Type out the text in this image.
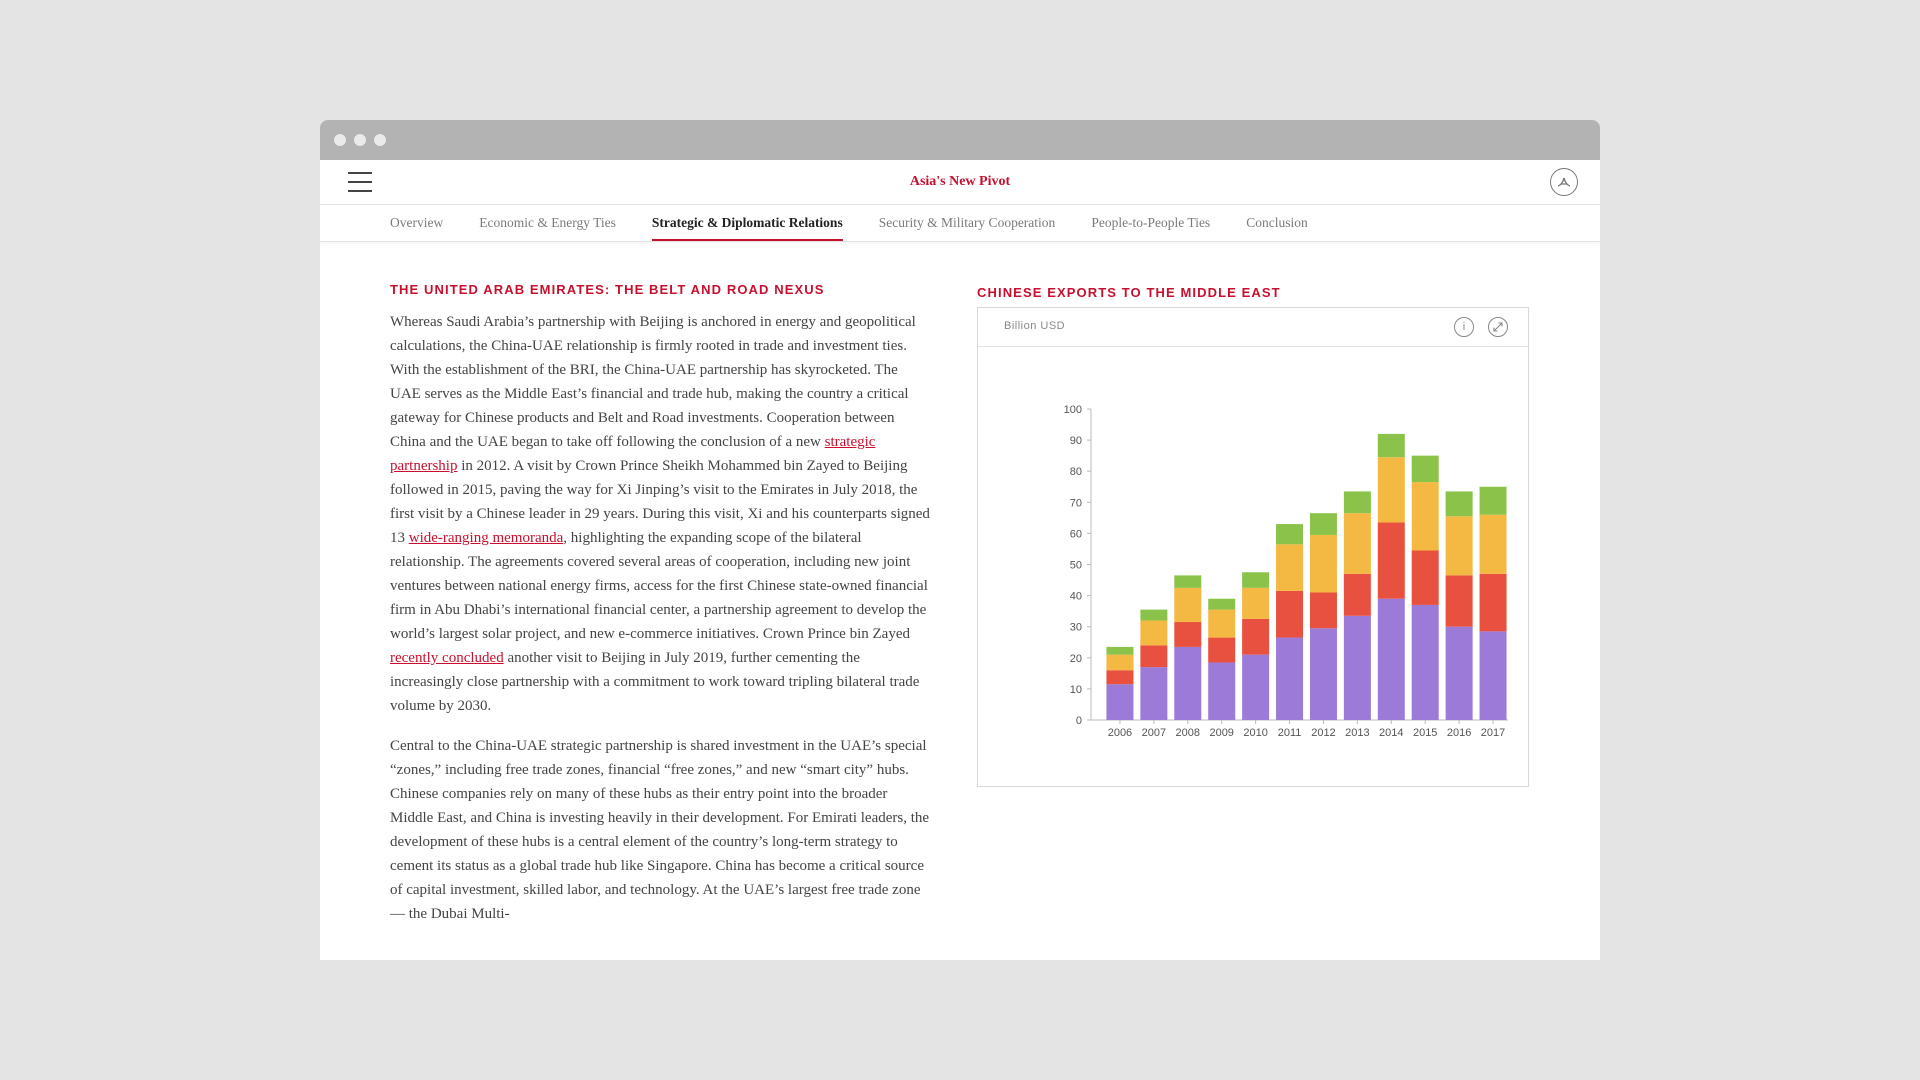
Asia's New Pivot
Overview	Economic & Energy Ties	Strategic & Diplomatic Relations	Security & Military Cooperation	People-to-People Ties	Conclusion
THE UNITED ARAB EMIRATES: THE BELT AND ROAD NEXUS

Whereas Saudi Arabia’s partnership with Beijing is anchored in energy and geopolitical calculations, the China-UAE relationship is firmly rooted in trade and investment ties. With the establishment of the BRI, the China-UAE partnership has skyrocketed. The UAE serves as the Middle East’s financial and trade hub, making the country a critical gateway for Chinese products and Belt and Road investments. Cooperation between China and the UAE began to take off following the conclusion of a new strategic partnership in 2012. A visit by Crown Prince Sheikh Mohammed bin Zayed to Beijing followed in 2015, paving the way for Xi Jinping’s visit to the Emirates in July 2018, the first visit by a Chinese leader in 29 years. During this visit, Xi and his counterparts signed 13 wide-ranging memoranda, highlighting the expanding scope of the bilateral relationship. The agreements covered several areas of cooperation, including new joint ventures between national energy firms, access for the first Chinese state-owned financial firm in Abu Dhabi’s international financial center, a partnership agreement to develop the world’s largest solar project, and new e-commerce initiatives. Crown Prince bin Zayed recently concluded another visit to Beijing in July 2019, further cementing the increasingly close partnership with a commitment to work toward tripling bilateral trade volume by 2030.

Central to the China-UAE strategic partnership is shared investment in the UAE’s special “zones,” including free trade zones, financial “free zones,” and new “smart city” hubs. Chinese companies rely on many of these hubs as their entry point into the broader Middle East, and China is investing heavily in their development. For Emirati leaders, the development of these hubs is a central element of the country’s long-term strategy to cement its status as a global trade hub like Singapore. China has become a critical source of capital investment, skilled labor, and technology. At the UAE’s largest free trade zone — the Dubai Multi-

CHINESE EXPORTS TO THE MIDDLE EAST
Billion USD	i
0
10
20
30
40
50
60
70
80
90
100
2006 2007 2008 2009 2010 2011 2012 2013 2014 2015 2016 2017
